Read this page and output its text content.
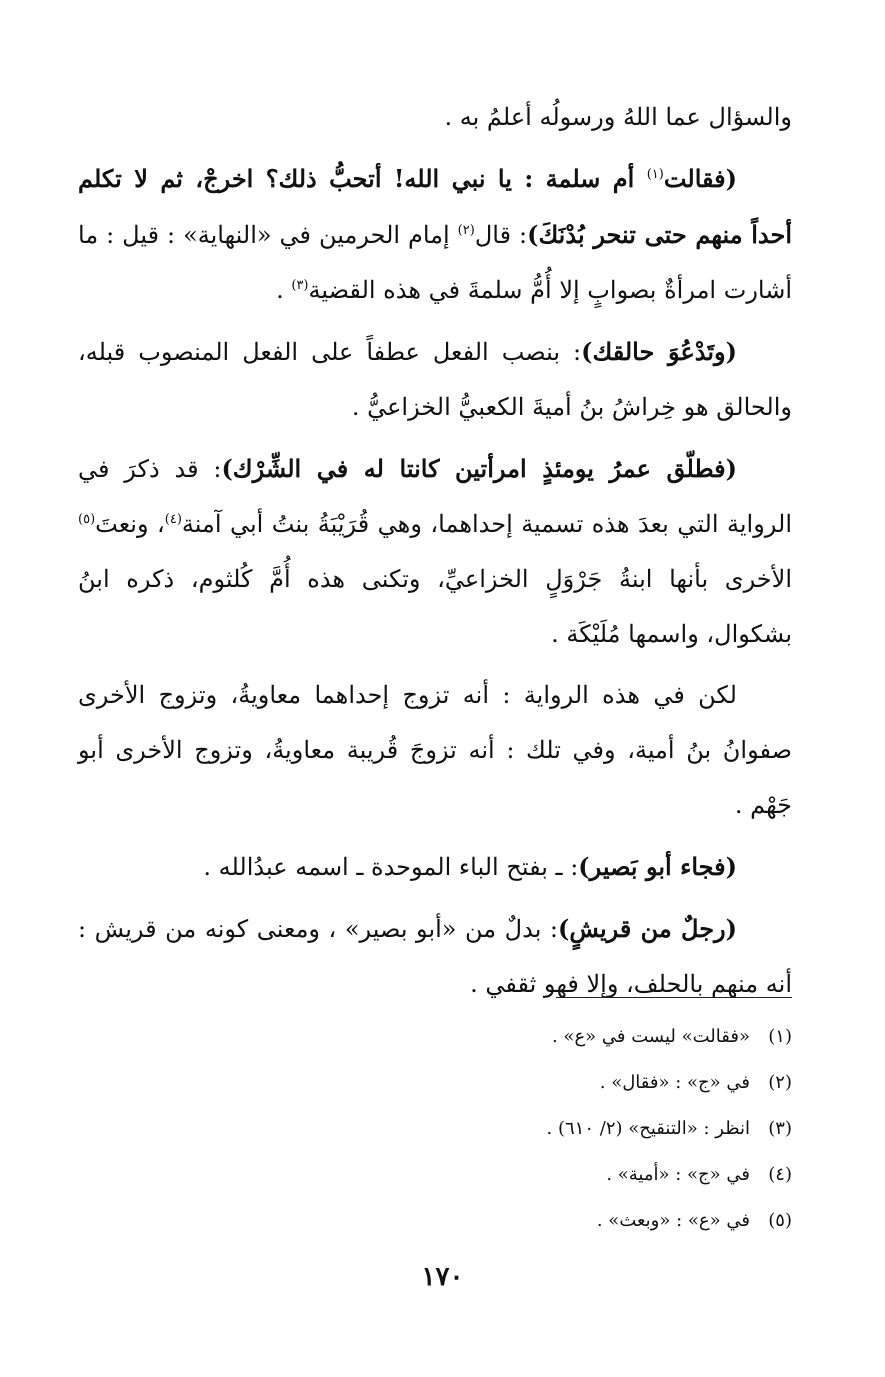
والسؤال عما اللهُ ورسولُه أعلمُ به .

(فقالت$^{(١)}$ أم سلمة : يا نبي الله! أتحبُّ ذلك؟ اخرجْ، ثم لا تكلم أحداً منهم حتى تنحر بُدْنَكَ): قال$^{(٢)}$ إمام الحرمين في «النهاية» : قيل : ما أشارت امرأةٌ بصوابٍ إلا أُمُّ سلمةَ في هذه القضية$^{(٣)}$ .

(وتَدْعُوَ حالقك): بنصب الفعل عطفاً على الفعل المنصوب قبله، والحالق هو خِراشُ بنُ أميةَ الكعبيُّ الخزاعيُّ .

(فطلّق عمرُ يومئذٍ امرأتين كانتا له في الشِّرْك): قد ذكرَ في الرواية التي بعدَ هذه تسمية إحداهما، وهي قُرَيْبَةُ بنتُ أبي آمنة$^{(٤)}$، ونعتَ$^{(٥)}$ الأخرى بأنها ابنةُ جَرْوَلٍ الخزاعيِّ، وتكنى هذه أُمَّ كُلثوم، ذكره ابنُ بشكوال، واسمها مُلَيْكَة .

لكن في هذه الرواية : أنه تزوج إحداهما معاويةُ، وتزوج الأخرى صفوانُ بنُ أمية، وفي تلك : أنه تزوجَ قُريبة معاويةُ، وتزوج الأخرى أبو جَهْم .

(فجاء أبو بَصير): ـ بفتح الباء الموحدة ـ اسمه عبدُالله .

(رجلٌ من قريشٍ): بدلٌ من «أبو بصير» ، ومعنى كونه من قريش : أنه منهم بالحلف، وإلا فهو ثقفي .

(١)«فقالت» ليست في «ع» .
(٢)في «ج» : «فقال» .
(٣)انظر : «التنقيح» (٢/ ٦١٠) .
(٤)في «ج» : «أمية» .
(٥)في «ع» : «وبعث» .
١٧٠
